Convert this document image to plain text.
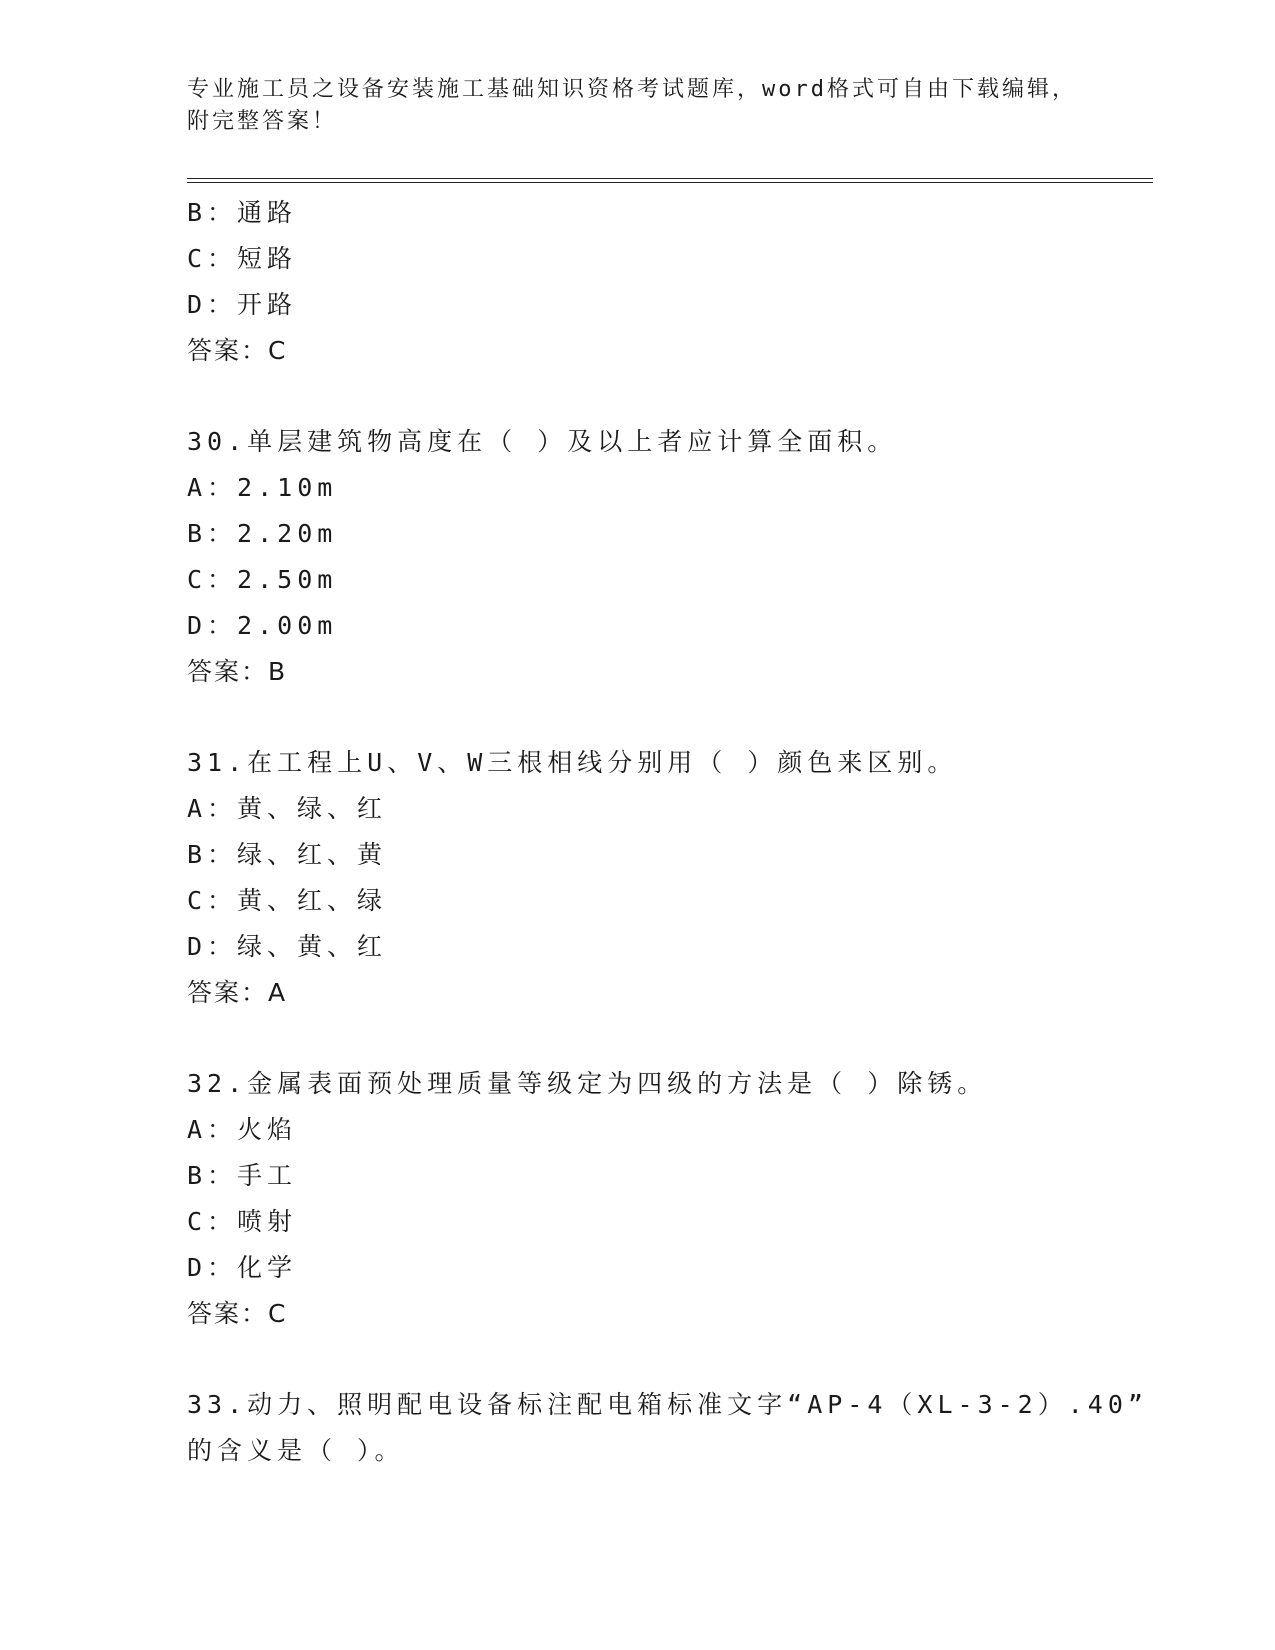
专业施工员之设备安装施工基础知识资格考试题库，word格式可自由下载编辑，
附完整答案！
B：通路
C：短路
D：开路
答案：C
30.单层建筑物高度在（ ）及以上者应计算全面积。
A：2.10m
B：2.20m
C：2.50m
D：2.00m
答案：B
31.在工程上U、V、W三根相线分别用（ ）颜色来区别。
A：黄、绿、红
B：绿、红、黄
C：黄、红、绿
D：绿、黄、红
答案：A
32.金属表面预处理质量等级定为四级的方法是（ ）除锈。
A：火焰
B：手工
C：喷射
D：化学
答案：C
33.动力、照明配电设备标注配电箱标准文字“AP-4（XL-3-2）.40”
的含义是（ ）。
